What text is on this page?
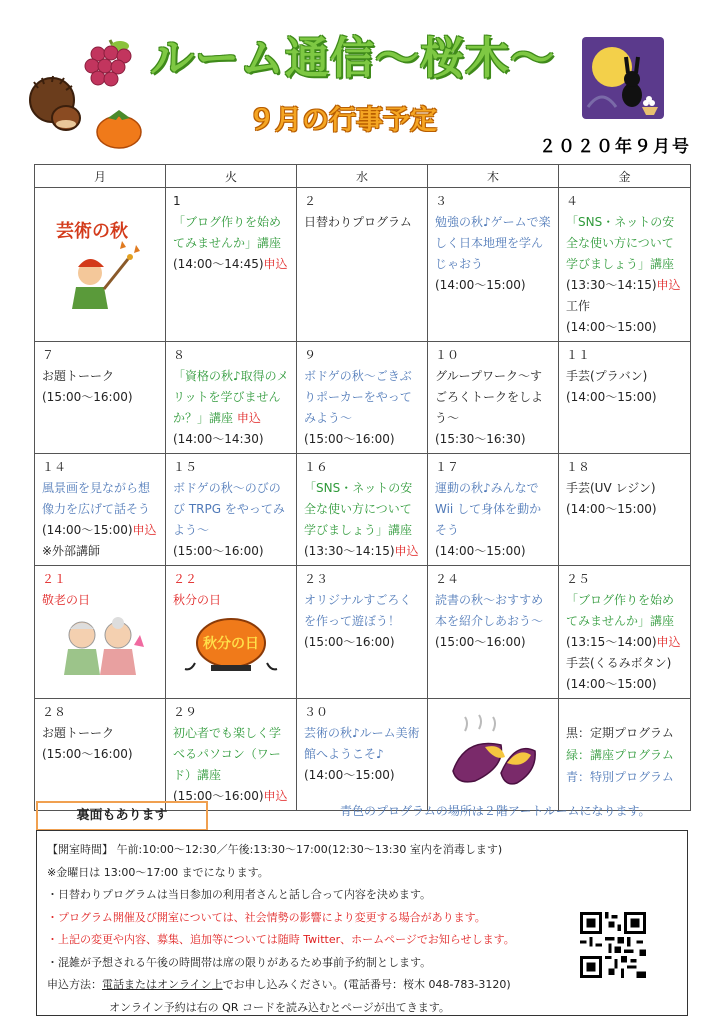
ルーム通信～桜木～
９月の行事予定
２０２０年９月号
月	火	水	木	金

芸術の秋	1
「ブログ作りを始めてみませんか」講座
(14:00～14:45)申込	２
日替わりプログラム	３
勉強の秋♪ゲームで楽しく日本地理を学んじゃおう
(14:00～15:00)	４
「SNS・ネットの安全な使い方について学びましょう」講座
(13:30～14:15)申込
工作
(14:00～15:00)

７
お題トーーク
(15:00～16:00)	８
「資格の秋♪取得のメリットを学びませんか？」講座 申込
(14:00～14:30)	９
ボドゲの秋～ごきぶりポーカーをやってみよう～
(15:00～16:00)	１０
グループワーク～すごろくトークをしよう～
(15:30～16:30)	１１
手芸(プラバン)
(14:00～15:00)

１４
風景画を見ながら想像力を広げて話そう
(14:00～15:00)申込
※外部講師	１５
ボドゲの秋～のびのび TRPG をやってみよう～
(15:00～16:00)	１６
「SNS・ネットの安全な使い方について学びましょう」講座
(13:30～14:15)申込	１７
運動の秋♪みんなで Wii して身体を動かそう
(14:00～15:00)	１８
手芸(UV レジン)
(14:00～15:00)

２１
敬老の日	２２
秋分の日
秋分の日	２３
オリジナルすごろくを作って遊ぼう！
(15:00～16:00)	２４
読書の秋～おすすめ本を紹介しあおう～
(15:00～16:00)	２５
「ブログ作りを始めてみませんか」講座
(13:15～14:00)申込
手芸(くるみボタン)
(14:00～15:00)

２８
お題トーーク
(15:00～16:00)	２９
初心者でも楽しく学べるパソコン（ワード）講座
(15:00～16:00)申込	３０
芸術の秋♪ルーム美術館へようこそ♪
(14:00～15:00)		黒：定期プログラム
緑：講座プログラム
青：特別プログラム
裏面もあります	青色のプログラムの場所は２階アートルームになります。
【開室時間】 午前:10:00～12:30／午後:13:30～17:00(12:30～13:30 室内を消毒します)
※金曜日は 13:00～17:00 までになります。
・日替わりプログラムは当日参加の利用者さんと話し合って内容を決めます。
・プログラム開催及び開室については、社会情勢の影響により変更する場合があります。
・上記の変更や内容、募集、追加等については随時 Twitter、ホームページでお知らせします。
・混雑が予想される午後の時間帯は席の限りがあるため事前予約制とします。
申込方法：電話またはオンライン上でお申し込みください。(電話番号：桜木 048-783-3120)
オンライン予約は右の QR コードを読み込むとページが出てきます。
